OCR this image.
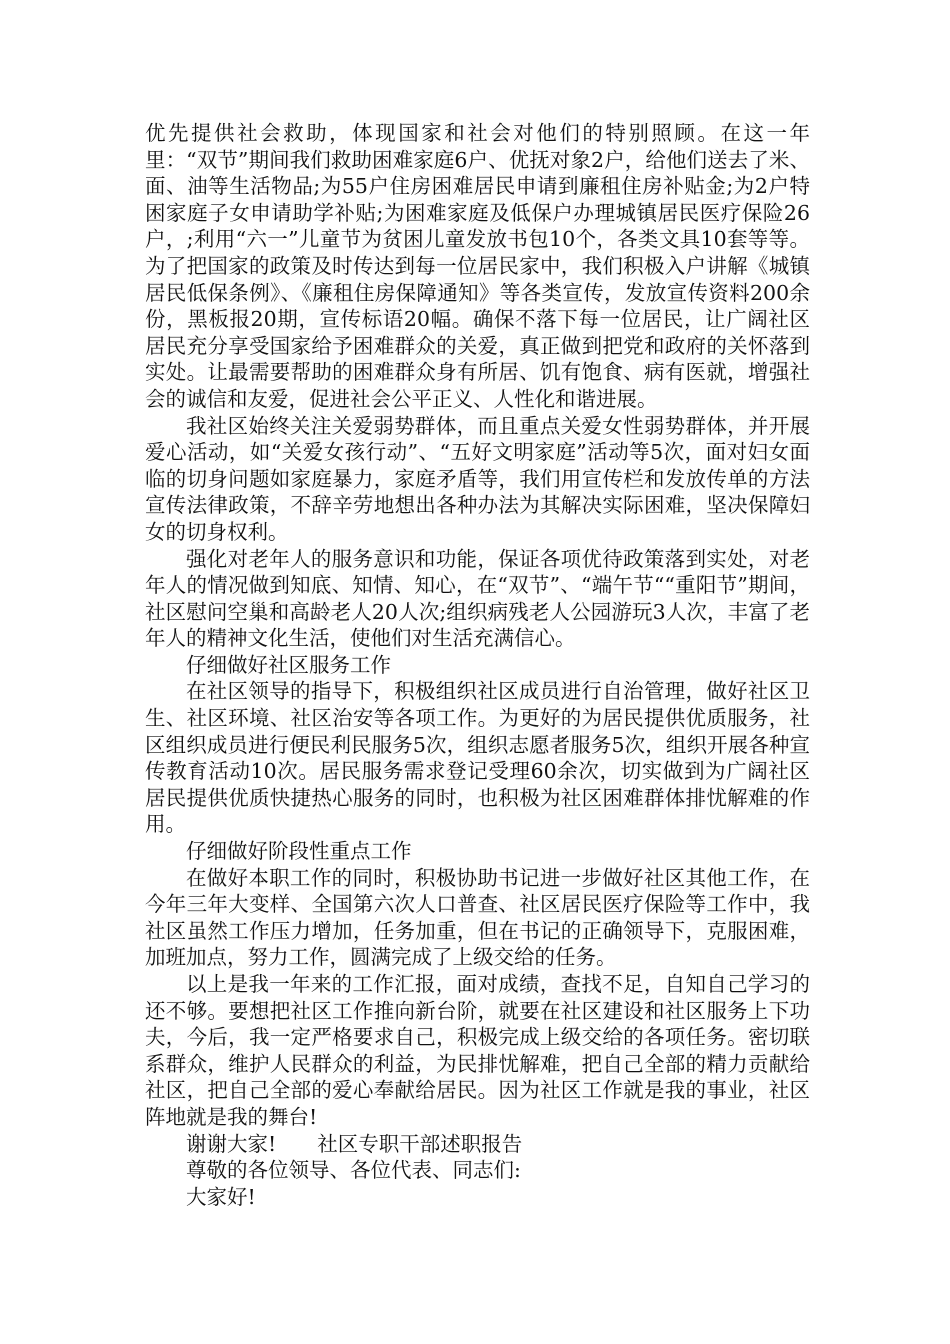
优先提供社会救助，体现国家和社会对他们的特别照顾。在这一年里：“双节”期间我们救助困难家庭6户、优抚对象2户，给他们送去了米、面、油等生活物品;为55户住房困难居民申请到廉租住房补贴金;为2户特困家庭子女申请助学补贴;为困难家庭及低保户办理城镇居民医疗保险26户，;利用“六一”儿童节为贫困儿童发放书包10个，各类文具10套等等。为了把国家的政策及时传达到每一位居民家中，我们积极入户讲解《城镇居民低保条例》、《廉租住房保障通知》等各类宣传，发放宣传资料200余份，黑板报20期，宣传标语20幅。确保不落下每一位居民，让广阔社区居民充分享受国家给予困难群众的关爱，真正做到把党和政府的关怀落到实处。让最需要帮助的困难群众身有所居、饥有饱食、病有医就，增强社会的诚信和友爱，促进社会公平正义、人性化和谐进展。

我社区始终关注关爱弱势群体，而且重点关爱女性弱势群体，并开展爱心活动，如“关爱女孩行动”、“五好文明家庭”活动等5次，面对妇女面临的切身问题如家庭暴力，家庭矛盾等，我们用宣传栏和发放传单的方法宣传法律政策，不辞辛劳地想出各种办法为其解决实际困难，坚决保障妇女的切身权利。

强化对老年人的服务意识和功能，保证各项优待政策落到实处，对老年人的情况做到知底、知情、知心，在“双节”、“端午节““重阳节”期间，社区慰问空巢和高龄老人20人次;组织病残老人公园游玩3人次，丰富了老年人的精神文化生活，使他们对生活充满信心。

仔细做好社区服务工作

在社区领导的指导下，积极组织社区成员进行自治管理，做好社区卫生、社区环境、社区治安等各项工作。为更好的为居民提供优质服务，社区组织成员进行便民利民服务5次，组织志愿者服务5次，组织开展各种宣传教育活动10次。居民服务需求登记受理60余次，切实做到为广阔社区居民提供优质快捷热心服务的同时，也积极为社区困难群体排忧解难的作用。

仔细做好阶段性重点工作

在做好本职工作的同时，积极协助书记进一步做好社区其他工作，在今年三年大变样、全国第六次人口普查、社区居民医疗保险等工作中，我社区虽然工作压力增加，任务加重，但在书记的正确领导下，克服困难，加班加点，努力工作，圆满完成了上级交给的任务。

以上是我一年来的工作汇报，面对成绩，查找不足，自知自己学习的还不够。要想把社区工作推向新台阶，就要在社区建设和社区服务上下功夫，今后，我一定严格要求自己，积极完成上级交给的各项任务。密切联系群众，维护人民群众的利益，为民排忧解难，把自己全部的精力贡献给社区，把自己全部的爱心奉献给居民。因为社区工作就是我的事业，社区阵地就是我的舞台!

谢谢大家!　　社区专职干部述职报告

尊敬的各位领导、各位代表、同志们:

大家好!
